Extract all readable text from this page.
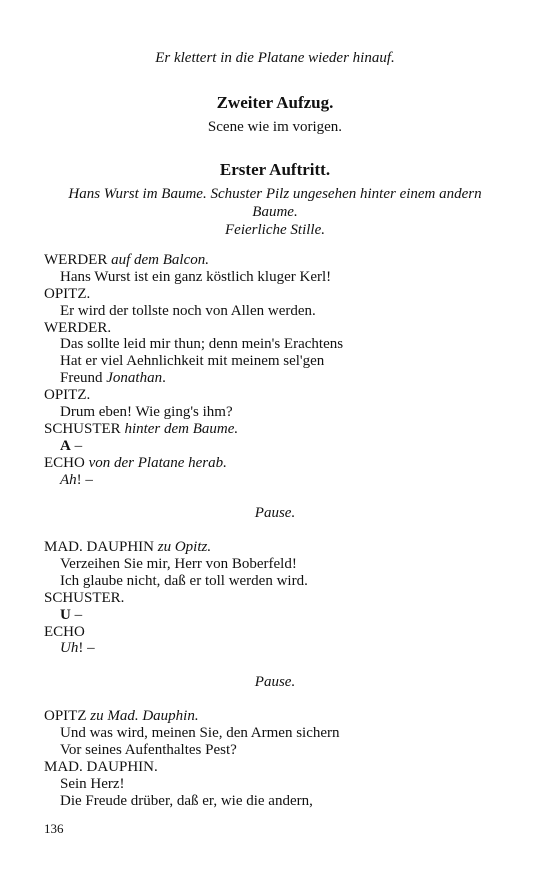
Er klettert in die Platane wieder hinauf.
Zweiter Aufzug.
Scene wie im vorigen.
Erster Auftritt.
Hans Wurst im Baume. Schuster Pilz ungesehen hinter einem andern
Baume.
Feierliche Stille.
WERDER auf dem Balcon.
Hans Wurst ist ein ganz köstlich kluger Kerl!
OPITZ.
Er wird der tollste noch von Allen werden.
WERDER.
Das sollte leid mir thun; denn mein's Erachtens
Hat er viel Aehnlichkeit mit meinem sel'gen
Freund Jonathan.
OPITZ.
Drum eben! Wie ging's ihm?
SCHUSTER hinter dem Baume.
A –
ECHO von der Platane herab.
Ah! –
Pause.
MAD. DAUPHIN zu Opitz.
Verzeihen Sie mir, Herr von Boberfeld!
Ich glaube nicht, daß er toll werden wird.
SCHUSTER.
U –
ECHO
Uh! –
Pause.
OPITZ zu Mad. Dauphin.
Und was wird, meinen Sie, den Armen sichern
Vor seines Aufenthaltes Pest?
MAD. DAUPHIN.
Sein Herz!
Die Freude drüber, daß er, wie die andern,
136
